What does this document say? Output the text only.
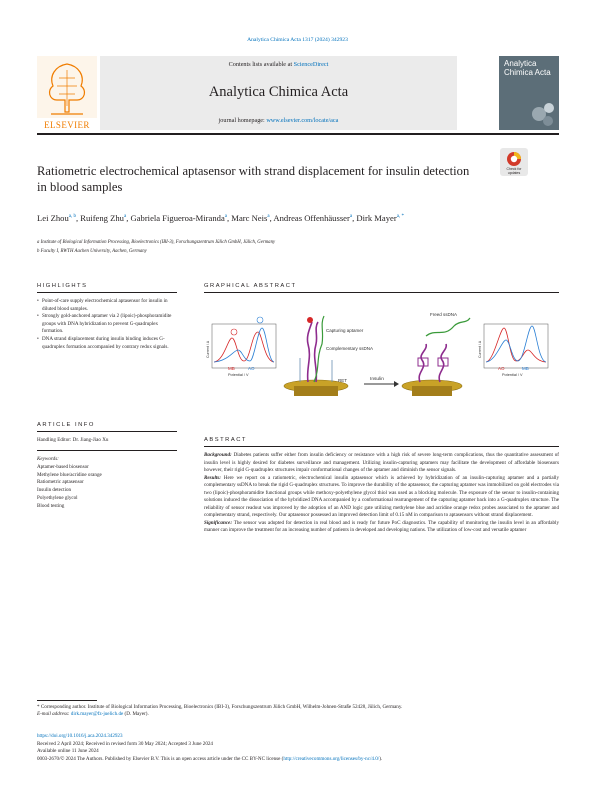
Analytica Chimica Acta 1317 (2024) 342923
ELSEVIER
Contents lists available at ScienceDirect
Analytica Chimica Acta
journal homepage: www.elsevier.com/locate/aca
Analytica Chimica Acta
Ratiometric electrochemical aptasensor with strand displacement for insulin detection in blood samples
Check for updates
Lei Zhou$^{a, b}$, Ruifeng Zhu$^a$, Gabriela Figueroa-Miranda$^a$, Marc Neis$^a$, Andreas Offenhäusser$^a$, Dirk Mayer$^{a, *}$
a Institute of Biological Information Processing, Bioelectronics (IBI-3), Forschungszentrum Jülich GmbH, Jülich, Germany
b Faculty I, RWTH Aachen University, Aachen, Germany
HIGHLIGHTS
• Point-of-care supply electrochemical aptasensor for insulin in diluted blood samples.
• Strongly gold-anchored aptamer via 2 (lipoic)-phosphoramidite groups with DNA hybridization to prevent G-quadruplex formation.
• DNA strand displacement during insulin binding induces G-quadruplex formation accompanied by contrary redox signals.
GRAPHICAL ABSTRACT
MB	AO
Potential / V
Current / A
Capturing aptamer
Complementary ssDNA
RET	Insulin
Freed ssDNA
AO	MB
Potential / V
Current / A
ARTICLE INFO
Handling Editor: Dr. Jiang-Jiao Xu
Keywords:
Aptamer-based biosensor
Methylene blue/acridine orange
Ratiometric aptasensor
Insulin detection
Polyethylene glycol
Blood testing
ABSTRACT

Background: Diabetes patients suffer either from insulin deficiency or resistance with a high risk of severe long-term complications, thus the quantitative assessment of insulin level is highly desired for diabetes surveillance and management. Utilizing insulin-capturing aptamers may facilitate the development of affordable biosensors however, their rigid G-quadruplex structures impair conformational changes of the aptamer and diminish the sensor signals.

Results: Here we report on a ratiometric, electrochemical insulin aptasensor which is achieved by hybridization of an insulin-capturing aptamer and a partially complementary ssDNA to break the rigid G-quadruplex structures. To improve the durability of the aptasensor, the capturing aptamer was immobilized on gold electrodes via two (lipoic)-phosphoramidite functional groups while methoxy-polyethylene glycol thiol was used as a blocking molecule. The exposure of the sensor to insulin-containing solutions induced the dissociation of the hybridized DNA accompanied by a conformational rearrangement of the capturing aptamer back into a G-quadruplex structure. The reliability of sensor readout was improved by the adoption of an AND logic gate utilizing methylene blue and acridine orange redox probes associated to the aptamer and complementary strand, respectively. Our aptasensor possessed an improved detection limit of 0.15 nM in comparison to aptasensors without strand displacement.

Significance: The sensor was adopted for detection in real blood and is ready for future PoC diagnostics. The capability of monitoring the insulin level in an affordably manner can improve the treatment for an increasing number of patients in developed and developing nations. The utilization of low-cost and versatile aptamer

* Corresponding author. Institute of Biological Information Processing, Bioelectronics (IBI-3), Forschungszentrum Jülich GmbH, Wilhelm-Johnen-Straße 52428, Jülich, Germany.
E-mail address: dirk.mayer@fz-juelich.de (D. Mayer).
https://doi.org/10.1016/j.aca.2024.342923
Received 2 April 2024; Received in revised form 30 May 2024; Accepted 3 June 2024
Available online 11 June 2024
0003-2670/© 2024 The Authors. Published by Elsevier B.V. This is an open access article under the CC BY-NC license (http://creativecommons.org/licenses/by-nc/4.0/).
